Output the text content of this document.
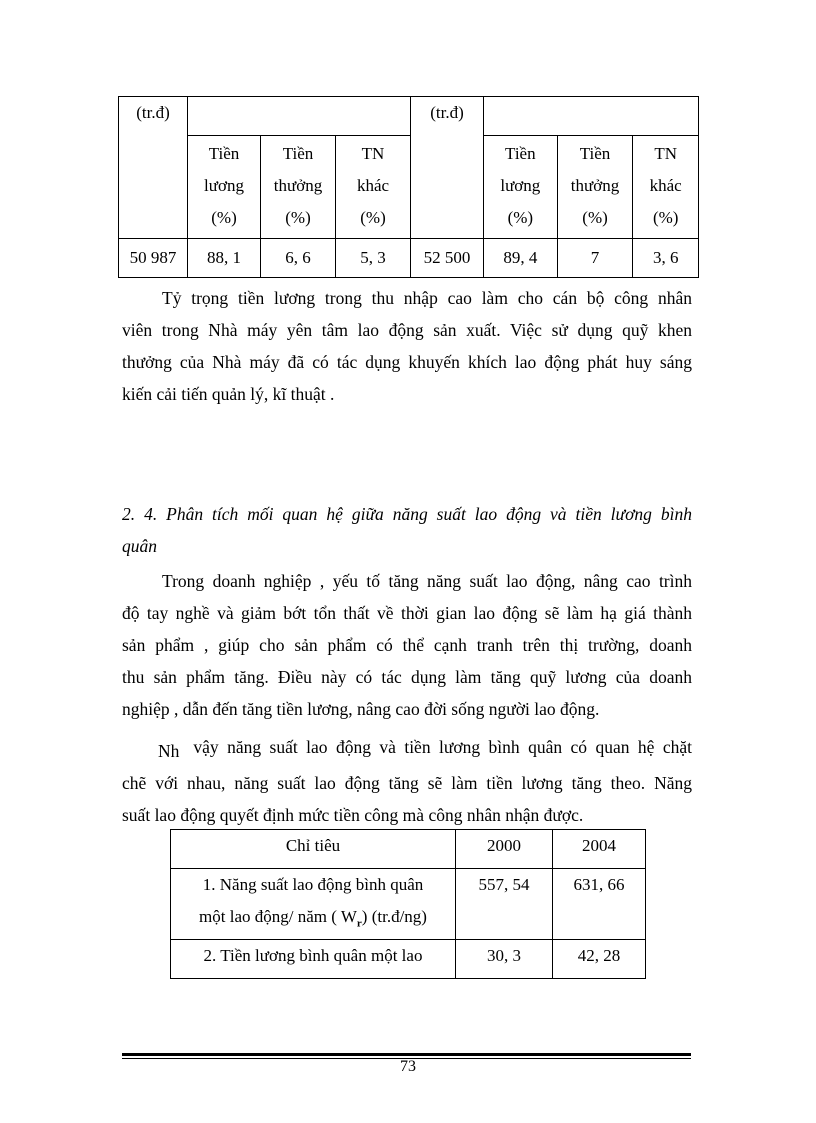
(tr.đ)				(tr.đ)			
	Tiền
lương
(%)	Tiền
thưởng
(%)	TN
khác
(%)		Tiền
lương
(%)	Tiền
thưởng
(%)	TN
khác
(%)
50 987	88, 1	6, 6	5, 3	52 500	89, 4	7	3, 6
Tỷ trọng tiền lương trong thu nhập cao làm cho cán bộ công nhân
viên trong Nhà máy yên tâm lao động sản xuất. Việc sử dụng quỹ khen
thưởng của Nhà máy đã có tác dụng khuyến khích lao động phát huy sáng
kiến cải tiến quản lý, kĩ thuật .
2. 4. Phân tích mối quan hệ giữa năng suất lao động và tiền lương bình
quân
Trong doanh nghiệp , yếu tố tăng năng suất lao động, nâng cao trình
độ tay nghề và giảm bớt tổn thất về thời gian lao động sẽ làm hạ giá thành
sản phẩm , giúp cho sản phẩm có thể cạnh tranh trên thị trường, doanh
thu sản phẩm tăng. Điều này có tác dụng làm tăng quỹ lương của doanh
nghiệp , dẫn đến tăng tiền lương, nâng cao đời sống người lao động.
Nh vậy năng suất lao động và tiền lương bình quân có quan hệ chặt
chẽ với nhau, năng suất lao động tăng sẽ làm tiền lương tăng theo. Năng
suất lao động quyết định mức tiền công mà công nhân nhận được.
Chỉ tiêu	2000	2004
1. Năng suất lao động bình quân
một lao động/ năm ( $W_r$) (tr.đ/ng)	557, 54	631, 66
2. Tiền lương bình quân một lao	30, 3	42, 28
73
